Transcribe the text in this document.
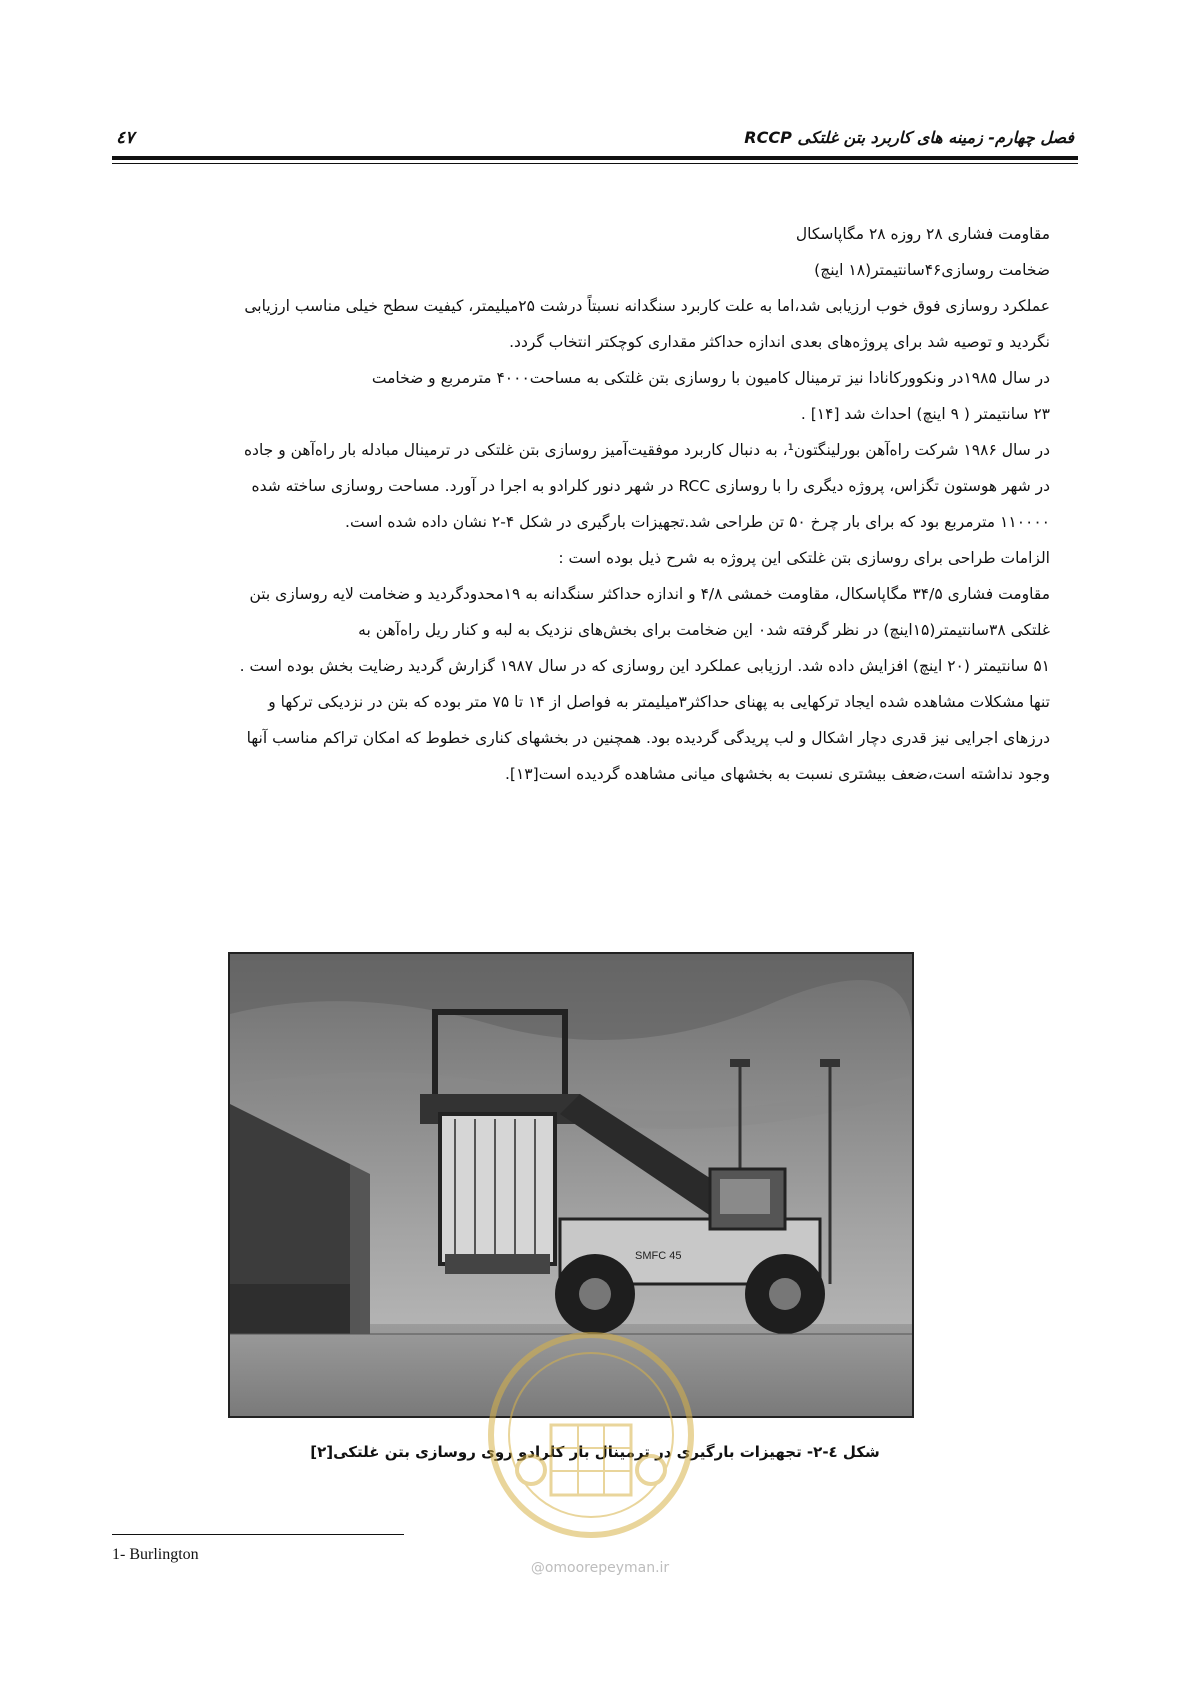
فصل چهارم- زمینه های کاربرد بتن غلتکی RCCP
٤٧

مقاومت فشاری ۲۸ روزه ۲۸ مگاپاسکال

ضخامت روسازی۴۶سانتیمتر(۱۸ اینچ)

عملکرد روسازی فوق خوب ارزیابی شد،اما به علت کاربرد سنگدانه نسبتاً درشت ۲۵میلیمتر، کیفیت سطح خیلی مناسب ارزیابی
نگردید و توصیه شد برای پروژه‌های بعدی اندازه حداکثر مقداری کوچکتر انتخاب گردد.

در سال ۱۹۸۵در ونکوورکانادا نیز ترمینال کامیون با روسازی بتن غلتکی به مساحت۴۰۰۰ مترمربع و ضخامت
۲۳ سانتیمتر ( ۹ اینچ) احداث شد [۱۴] .

در سال ۱۹۸۶ شرکت راه‌آهن بورلینگتون¹، به دنبال کاربرد موفقیت‌آمیز روسازی بتن غلتکی در ترمینال مبادله بار راه‌آهن و جاده
در شهر هوستون تگزاس، پروژه دیگری را با روسازی RCC در شهر دنور کلرادو به اجرا در آورد. مساحت روسازی ساخته شده
۱۱۰۰۰۰ مترمربع بود که برای بار چرخ ۵۰ تن طراحی شد.تجهیزات بارگیری در شکل ۴-۲ نشان داده شده است.

الزامات طراحی برای روسازی بتن غلتکی این پروژه به شرح ذیل بوده است :

مقاومت فشاری ۳۴/۵ مگاپاسکال، مقاومت خمشی ۴/۸ و اندازه حداکثر سنگدانه به ۱۹محدودگردید و ضخامت لایه روسازی بتن
غلتکی ۳۸سانتیمتر(۱۵اینچ) در نظر گرفته شد۰ این ضخامت برای بخش‌های نزدیک به لبه و کنار ریل راه‌آهن به
۵۱ سانتیمتر (۲۰ اینچ) افزایش داده شد. ارزیابی عملکرد این روسازی که در سال ۱۹۸۷ گزارش گردید رضایت بخش بوده است .
تنها مشکلات مشاهده شده ایجاد ترکهایی به پهنای حداکثر۳میلیمتر به فواصل از ۱۴ تا ۷۵ متر بوده که بتن در نزدیکی ترکها و
درزهای اجرایی نیز قدری دچار اشکال و لب پریدگی گردیده بود. همچنین در بخشهای کناری خطوط که امکان تراکم مناسب آنها
وجود نداشته است،ضعف بیشتری نسبت به بخشهای میانی مشاهده گردیده است[۱۳].

SMFC 45
شکل ٤-۲- تجهیزات بارگیری در ترمینال بار کلرادو روی روسازی بتن غلتکی[۲]
@omoorepeyman.ir
1- Burlington
